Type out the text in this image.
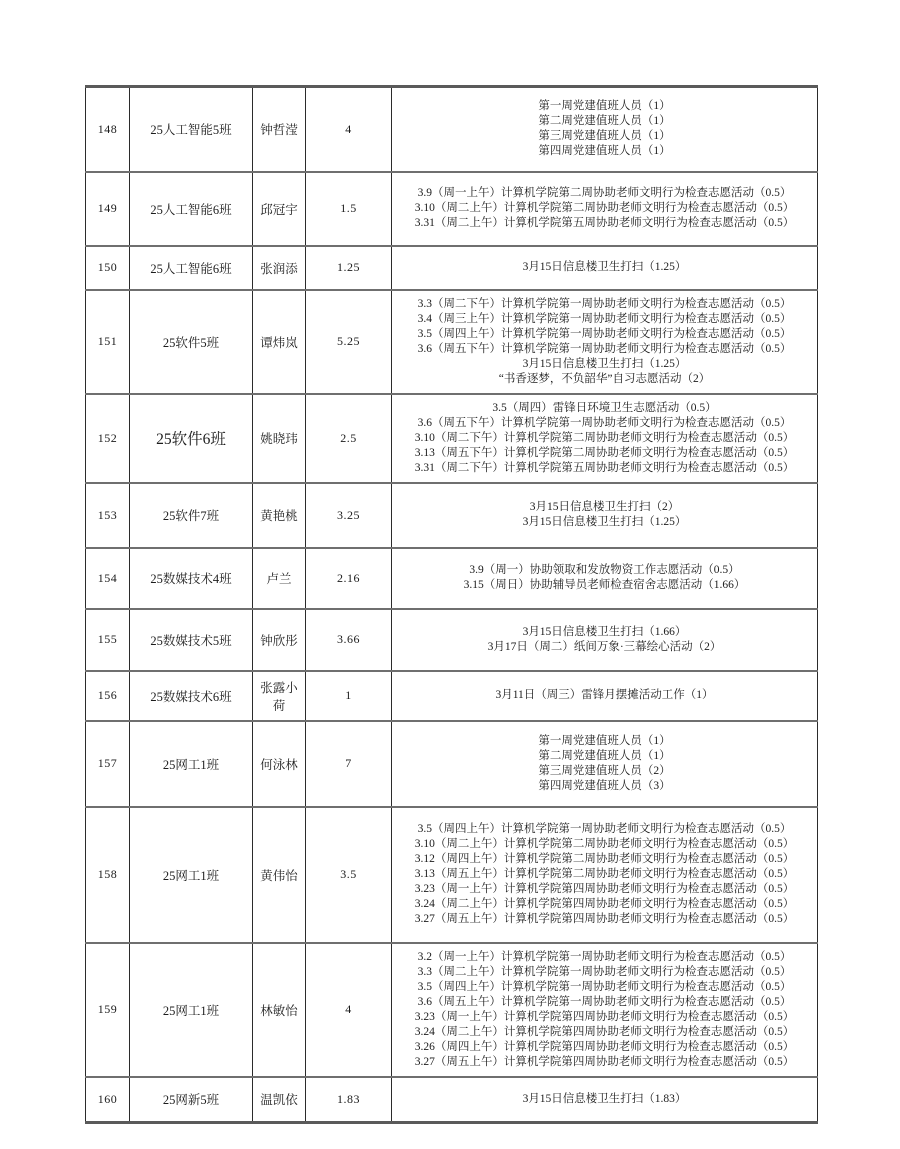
148	25人工智能5班	钟哲滢	4	第一周党建值班人员（1）
第二周党建值班人员（1）
第三周党建值班人员（1）
第四周党建值班人员（1）

149	25人工智能6班	邱冠宇	1.5	3.9（周一上午）计算机学院第二周协助老师文明行为检查志愿活动（0.5）
3.10（周二上午）计算机学院第二周协助老师文明行为检查志愿活动（0.5）
3.31（周二上午）计算机学院第五周协助老师文明行为检查志愿活动（0.5）

150	25人工智能6班	张润添	1.25	3月15日信息楼卫生打扫（1.25）

151	25软件5班	谭炜岚	5.25	
3.3（周二下午）计算机学院第一周协助老师文明行为检查志愿活动（0.5）
3.4（周三上午）计算机学院第一周协助老师文明行为检查志愿活动（0.5）
3.5（周四上午）计算机学院第一周协助老师文明行为检查志愿活动（0.5）
3.6（周五下午）计算机学院第一周协助老师文明行为检查志愿活动（0.5）
3月15日信息楼卫生打扫（1.25）
“书香逐梦，不负韶华”自习志愿活动（2）

152	25软件6班	姚晓玮	2.5	3.5（周四）雷锋日环境卫生志愿活动（0.5）
3.6（周五下午）计算机学院第一周协助老师文明行为检查志愿活动（0.5）
3.10（周二下午）计算机学院第二周协助老师文明行为检查志愿活动（0.5）
3.13（周五下午）计算机学院第二周协助老师文明行为检查志愿活动（0.5）
3.31（周二下午）计算机学院第五周协助老师文明行为检查志愿活动（0.5）

153	25软件7班	黄艳桃	3.25	3月15日信息楼卫生打扫（2）
3月15日信息楼卫生打扫（1.25）

154	25数媒技术4班	卢兰	2.16	3.9（周一）协助领取和发放物资工作志愿活动（0.5）
3.15（周日）协助辅导员老师检查宿舍志愿活动（1.66）

155	25数媒技术5班	钟欣彤	3.66	3月15日信息楼卫生打扫（1.66）
3月17日（周二）纸间万象·三幕绘心活动（2）

156	25数媒技术6班	张露小荷	1	3月11日（周三）雷锋月摆摊活动工作（1）

157	25网工1班	何泳林	7	第一周党建值班人员（1）
第二周党建值班人员（1）
第三周党建值班人员（2）
第四周党建值班人员（3）

158	25网工1班	黄伟怡	3.5	
3.5（周四上午）计算机学院第一周协助老师文明行为检查志愿活动（0.5）
3.10（周二上午）计算机学院第二周协助老师文明行为检查志愿活动（0.5）
3.12（周四上午）计算机学院第二周协助老师文明行为检查志愿活动（0.5）
3.13（周五上午）计算机学院第二周协助老师文明行为检查志愿活动（0.5）
3.23（周一上午）计算机学院第四周协助老师文明行为检查志愿活动（0.5）
3.24（周二上午）计算机学院第四周协助老师文明行为检查志愿活动（0.5）
3.27（周五上午）计算机学院第四周协助老师文明行为检查志愿活动（0.5）

159	25网工1班	林敏怡	4	
3.2（周一上午）计算机学院第一周协助老师文明行为检查志愿活动（0.5）
3.3（周二上午）计算机学院第一周协助老师文明行为检查志愿活动（0.5）
3.5（周四上午）计算机学院第一周协助老师文明行为检查志愿活动（0.5）
3.6（周五上午）计算机学院第一周协助老师文明行为检查志愿活动（0.5）
3.23（周一上午）计算机学院第四周协助老师文明行为检查志愿活动（0.5）
3.24（周二上午）计算机学院第四周协助老师文明行为检查志愿活动（0.5）
3.26（周四上午）计算机学院第四周协助老师文明行为检查志愿活动（0.5）
3.27（周五上午）计算机学院第四周协助老师文明行为检查志愿活动（0.5）

160	25网新5班	温凯依	1.83	3月15日信息楼卫生打扫（1.83）
